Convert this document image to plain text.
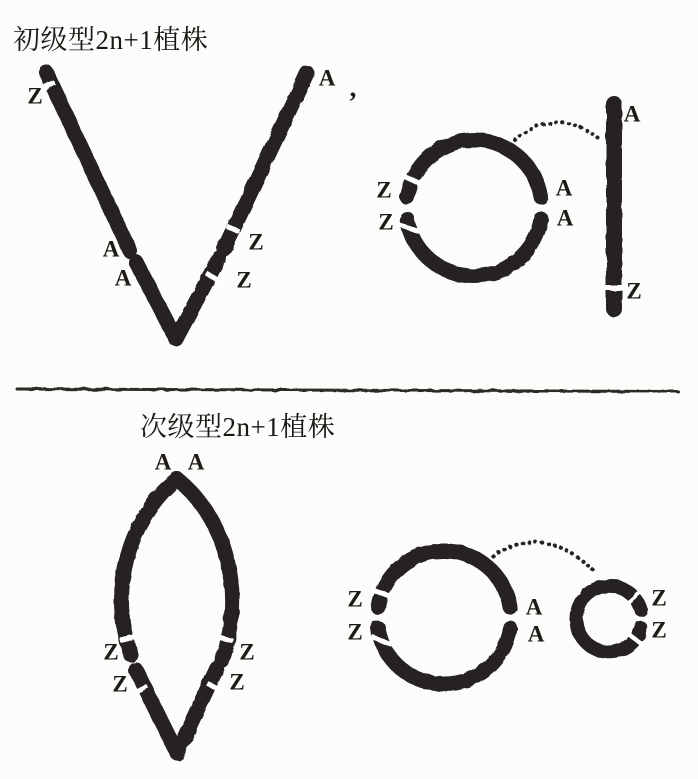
初级型2n+1植株
次级型2n+1植株
Z
A ,
A
A
Z
Z
Z
Z
A
A
A
Z
A A
Z	Z
Z	Z
Z
Z
A
A
Z
Z
